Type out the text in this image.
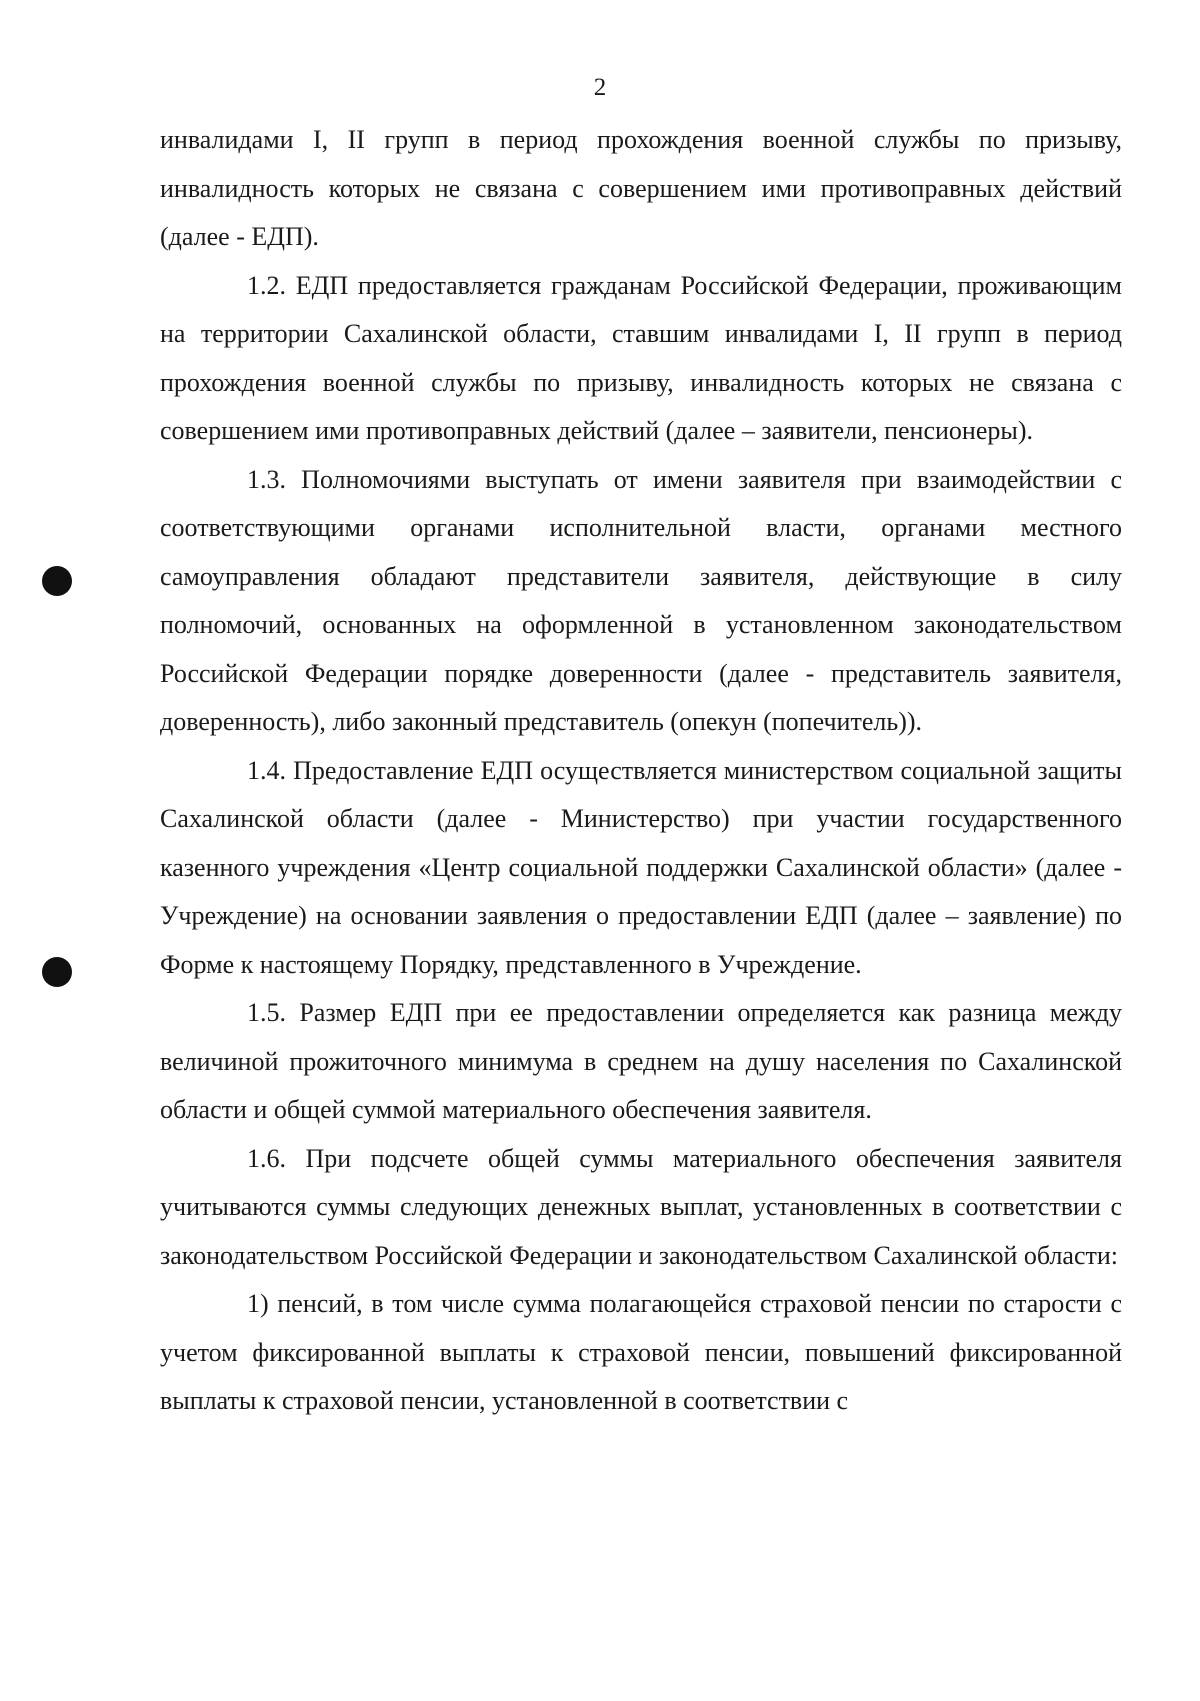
2

инвалидами I, II групп в период прохождения военной службы по призыву, инвалидность которых не связана с совершением ими противоправных действий (далее - ЕДП).

1.2. ЕДП предоставляется гражданам Российской Федерации, проживающим на территории Сахалинской области, ставшим инвалидами I, II групп в период прохождения военной службы по призыву, инвалидность которых не связана с совершением ими противоправных действий (далее – заявители, пенсионеры).

1.3. Полномочиями выступать от имени заявителя при взаимодействии с соответствующими органами исполнительной власти, органами местного самоуправления обладают представители заявителя, действующие в силу полномочий, основанных на оформленной в установленном законодательством Российской Федерации порядке доверенности (далее - представитель заявителя, доверенность), либо законный представитель (опекун (попечитель)).

1.4. Предоставление ЕДП осуществляется министерством социальной защиты Сахалинской области (далее - Министерство) при участии государственного казенного учреждения «Центр социальной поддержки Сахалинской области» (далее - Учреждение) на основании заявления о предоставлении ЕДП (далее – заявление) по Форме к настоящему Порядку, представленного в Учреждение.

1.5. Размер ЕДП при ее предоставлении определяется как разница между величиной прожиточного минимума в среднем на душу населения по Сахалинской области и общей суммой материального обеспечения заявителя.

1.6. При подсчете общей суммы материального обеспечения заявителя учитываются суммы следующих денежных выплат, установленных в соответствии с законодательством Российской Федерации и законодательством Сахалинской области:

1) пенсий, в том числе сумма полагающейся страховой пенсии по старости с учетом фиксированной выплаты к страховой пенсии, повышений фиксированной выплаты к страховой пенсии, установленной в соответствии с
